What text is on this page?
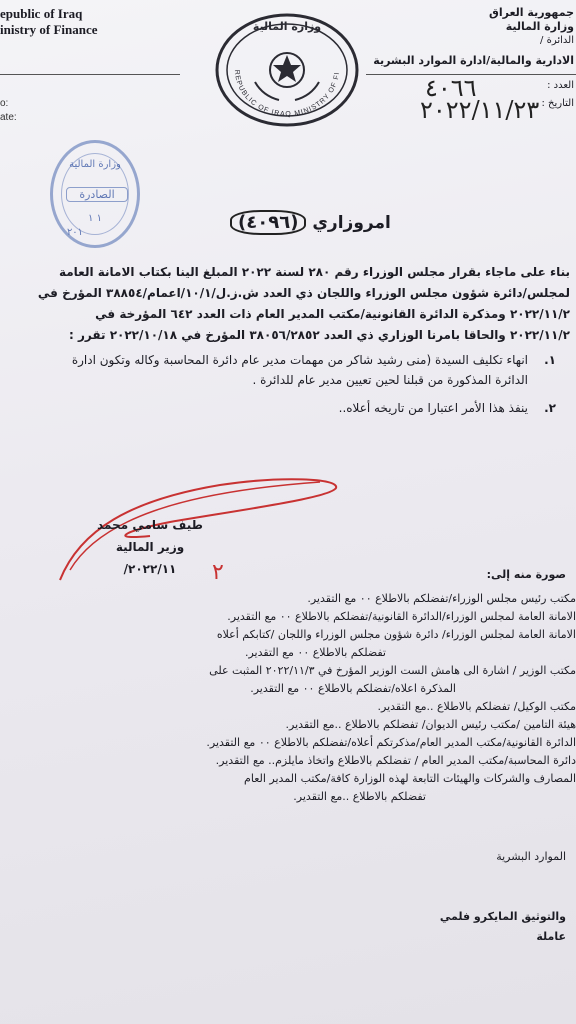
epublic of Iraq
inistry of Finance
o:
ate:
جمهورية العراق
وزارة المالية
الدائرة /
الادارية والمالية/ادارة الموارد البشرية
العدد :
التاريخ :
٤٠٦٦
٢٠٢٢/١١/٢٣
REPUBLIC OF IRAQ MINISTRY OF FI
وزارة المالية
وزارة المالية
الصادرة
١ ١
٢٠١	امروزاري (٤٠٩٦)
بناء على ماجاء بقرار مجلس الوزراء رقم ٢٨٠ لسنة ٢٠٢٢ المبلغ الينا بكتاب الامانة العامة
لمجلس/دائرة شؤون مجلس الوزراء واللجان ذي العدد ش.ز.ل/١٠/١/اعمام/٣٨٨٥٤ المؤرخ في
٢٠٢٢/١١/٢ ومذكرة الدائرة القانونية/مكتب المدير العام ذات العدد ٦٤٢ المؤرخة في
٢٠٢٢/١١/٢ والحاقا بامرنا الوزاري ذي العدد ٣٨٠٥٦/٢٨٥٢ المؤرخ في ٢٠٢٢/١٠/١٨ تقرر :
١.
انهاء تكليف السيدة (منى رشيد شاكر من مهمات مدير عام دائرة المحاسبة وكاله وتكون ادارة الدائرة المذكورة من قبلنا لحين تعيين مدير عام للدائرة .
٢.
ينفذ هذا الأمر اعتبارا من تاريخه أعلاه..
طيف سامي محمد
وزير المالية
٢٠٢٢/١١/	٢	صورة منه إلى:
مكتب رئيس مجلس الوزراء/تفضلكم بالاطلاع ٠٠ مع التقدير.
الامانة العامة لمجلس الوزراء/الدائرة القانونية/تفضلكم بالاطلاع ٠٠ مع التقدير.
الامانة العامة لمجلس الوزراء/ دائرة شؤون مجلس الوزراء واللجان /كتابكم أعلاه
تفضلكم بالاطلاع ٠٠ مع التقدير.
مكتب الوزير / اشارة الى هامش الست الوزير المؤرخ في ٢٠٢٢/١١/٣ المثبت على
المذكرة اعلاه/تفضلكم بالاطلاع ٠٠ مع التقدير.
مكتب الوكيل/ تفضلكم بالاطلاع ..مع التقدير.
هيئة التامين /مكتب رئيس الديوان/ تفضلكم بالاطلاع ..مع التقدير.
الدائرة القانونية/مكتب المدير العام/مذكرتكم أعلاه/تفضلكم بالاطلاع ٠٠ مع التقدير.
دائرة المحاسبة/مكتب المدير العام / تفضلكم بالاطلاع واتخاذ مايلزم.. مع التقدير.
المصارف والشركات والهيئات التابعة لهذه الوزارة كافة/مكتب المدير العام
تفضلكم بالاطلاع ..مع التقدير.
الموارد البشرية
والتوثيق المايكرو فلمي
عاملة
